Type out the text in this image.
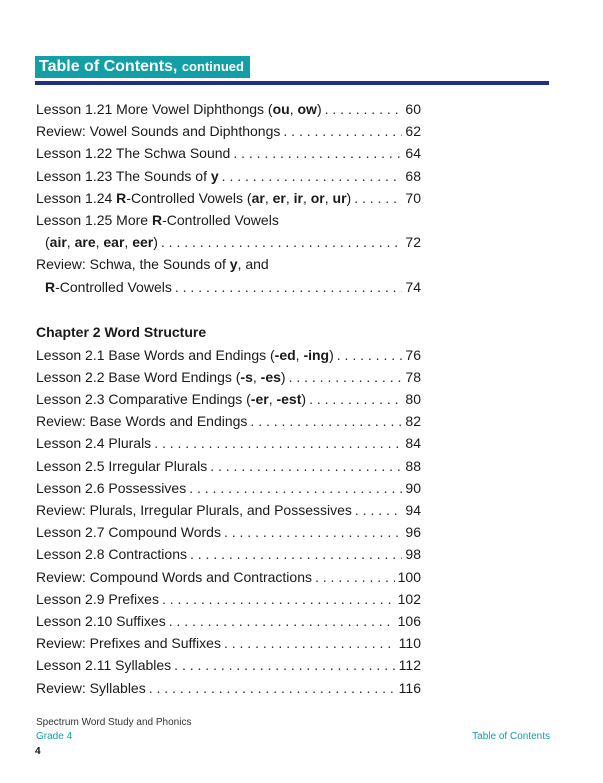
Table of Contents, continued
Lesson 1.21 More Vowel Diphthongs (ou, ow) . . .	60
Review: Vowel Sounds and Diphthongs . . .	62
Lesson 1.22 The Schwa Sound . . .	64
Lesson 1.23 The Sounds of y . . .	68
Lesson 1.24 R-Controlled Vowels (ar, er, ir, or, ur) . . .	70
Lesson 1.25 More R-Controlled Vowels
(air, are, ear, eer) . . .	72
Review: Schwa, the Sounds of y, and
R-Controlled Vowels . . .	74
Chapter 2 Word Structure
Lesson 2.1 Base Words and Endings (-ed, -ing) . . .	76
Lesson 2.2 Base Word Endings (-s, -es) . . .	78
Lesson 2.3 Comparative Endings (-er, -est) . . .	80
Review: Base Words and Endings . . .	82
Lesson 2.4 Plurals . . .	84
Lesson 2.5 Irregular Plurals . . .	88
Lesson 2.6 Possessives . . .	90
Review: Plurals, Irregular Plurals, and Possessives . . .	94
Lesson 2.7 Compound Words . . .	96
Lesson 2.8 Contractions . . .	98
Review: Compound Words and Contractions . . .	100
Lesson 2.9 Prefixes . . .	102
Lesson 2.10 Suffixes . . .	106
Review: Prefixes and Suffixes . . .	110
Lesson 2.11 Syllables . . .	112
Review: Syllables . . .	116
Spectrum Word Study and Phonics
Grade 4	Table of Contents
4
